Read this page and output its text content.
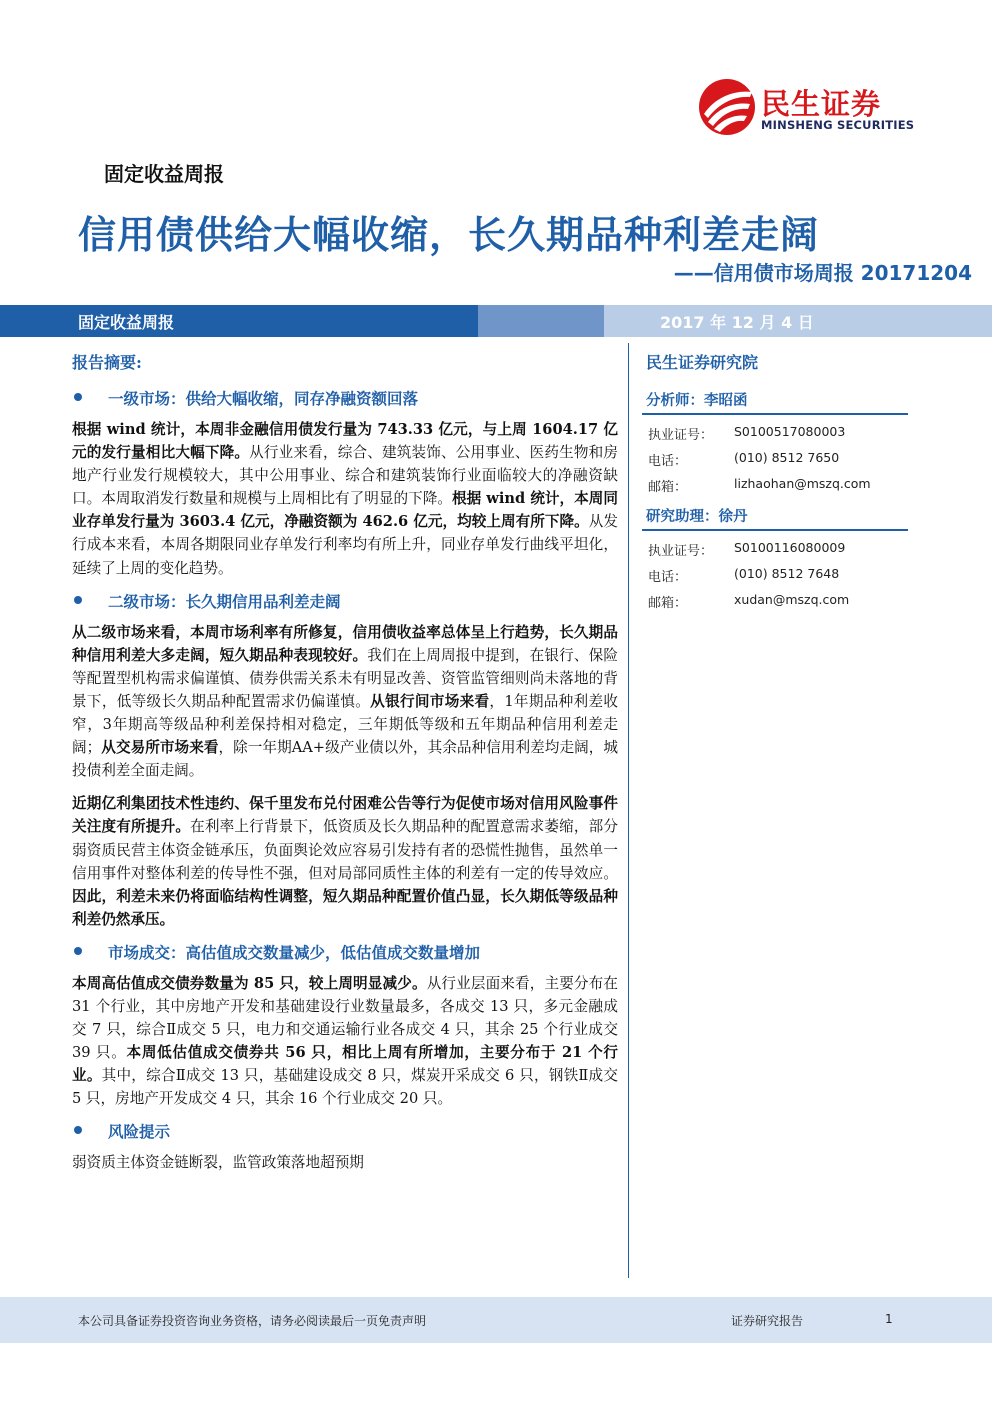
民生证券
MINSHENG SECURITIES
固定收益周报
信用债供给大幅收缩，长久期品种利差走阔
——信用债市场周报 20171204
固定收益周报	2017 年 12 月 4 日
报告摘要:
一级市场：供给大幅收缩，同存净融资额回落

根据 wind 统计，本周非金融信用债发行量为 743.33 亿元，与上周 1604.17 亿元的发行量相比大幅下降。从行业来看，综合、建筑装饰、公用事业、医药生物和房地产行业发行规模较大，其中公用事业、综合和建筑装饰行业面临较大的净融资缺口。本周取消发行数量和规模与上周相比有了明显的下降。根据 wind 统计，本周同业存单发行量为 3603.4 亿元，净融资额为 462.6 亿元，均较上周有所下降。从发行成本来看，本周各期限同业存单发行利率均有所上升，同业存单发行曲线平坦化，延续了上周的变化趋势。

二级市场：长久期信用品利差走阔

从二级市场来看，本周市场利率有所修复，信用债收益率总体呈上行趋势，长久期品种信用利差大多走阔，短久期品种表现较好。我们在上周周报中提到，在银行、保险等配置型机构需求偏谨慎、债券供需关系未有明显改善、资管监管细则尚未落地的背景下，低等级长久期品种配置需求仍偏谨慎。从银行间市场来看，1年期品种利差收窄，3年期高等级品种利差保持相对稳定，三年期低等级和五年期品种信用利差走阔；从交易所市场来看，除一年期AA+级产业债以外，其余品种信用利差均走阔，城投债利差全面走阔。

近期亿利集团技术性违约、保千里发布兑付困难公告等行为促使市场对信用风险事件关注度有所提升。在利率上行背景下，低资质及长久期品种的配置意需求萎缩，部分弱资质民营主体资金链承压，负面舆论效应容易引发持有者的恐慌性抛售，虽然单一信用事件对整体利差的传导性不强，但对局部同质性主体的利差有一定的传导效应。因此，利差未来仍将面临结构性调整，短久期品种配置价值凸显，长久期低等级品种利差仍然承压。

市场成交：高估值成交数量减少，低估值成交数量增加

本周高估值成交债券数量为 85 只，较上周明显减少。从行业层面来看，主要分布在 31 个行业，其中房地产开发和基础建设行业数量最多，各成交 13 只，多元金融成交 7 只，综合Ⅱ成交 5 只，电力和交通运输行业各成交 4 只，其余 25 个行业成交 39 只。本周低估值成交债券共 56 只，相比上周有所增加，主要分布于 21 个行业。其中，综合Ⅱ成交 13 只，基础建设成交 8 只，煤炭开采成交 6 只，钢铁Ⅱ成交 5 只，房地产开发成交 4 只，其余 16 个行业成交 20 只。

风险提示

弱资质主体资金链断裂，监管政策落地超预期

民生证券研究院
分析师：李昭函
执业证号： S0100517080003
电话：	(010) 8512 7650
邮箱：	lizhaohan@mszq.com
研究助理：徐丹
执业证号： S0100116080009
电话：	(010) 8512 7648
邮箱：	xudan@mszq.com
本公司具备证券投资咨询业务资格，请务必阅读最后一页免责声明	证券研究报告	1
